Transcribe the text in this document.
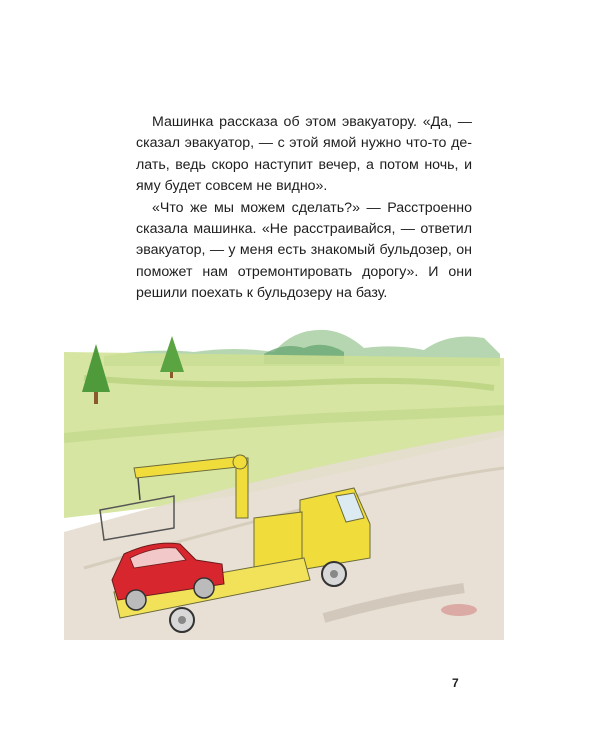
Машинка рассказа об этом эвакуатору. «Да, — сказал эвакуатор, — с этой ямой нужно что-то делать, ведь скоро наступит вечер, а потом ночь, и яму будет совсем не видно».

«Что же мы можем сделать?» — Расстроенно сказала машинка. «Не расстраивайся, — ответил эвакуатор, — у меня есть знакомый бульдозер, он поможет нам отремонтировать дорогу». И они решили поехать к бульдозеру на базу.

7
